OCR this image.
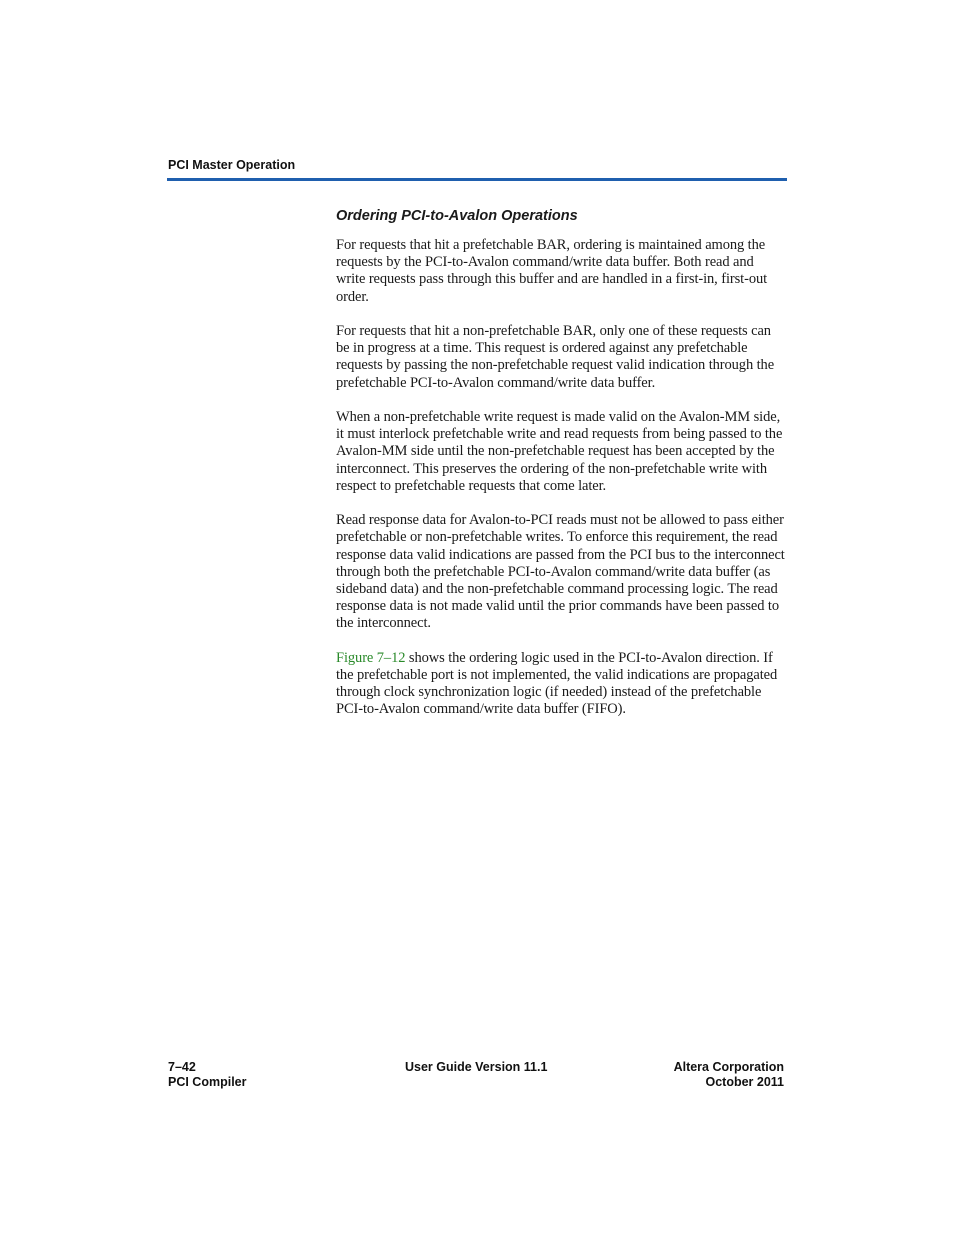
PCI Master Operation
Ordering PCI-to-Avalon Operations

For requests that hit a prefetchable BAR, ordering is maintained among the requests by the PCI-to-Avalon command/write data buffer. Both read and write requests pass through this buffer and are handled in a first-in, first-out order.

For requests that hit a non-prefetchable BAR, only one of these requests can be in progress at a time. This request is ordered against any prefetchable requests by passing the non-prefetchable request valid indication through the prefetchable PCI-to-Avalon command/write data buffer.

When a non-prefetchable write request is made valid on the Avalon-MM side, it must interlock prefetchable write and read requests from being passed to the Avalon-MM side until the non-prefetchable request has been accepted by the interconnect. This preserves the ordering of the non-prefetchable write with respect to prefetchable requests that come later.

Read response data for Avalon-to-PCI reads must not be allowed to pass either prefetchable or non-prefetchable writes. To enforce this requirement, the read response data valid indications are passed from the PCI bus to the interconnect through both the prefetchable PCI-to-Avalon command/write data buffer (as sideband data) and the non-prefetchable command processing logic. The read response data is not made valid until the prior commands have been passed to the interconnect.

Figure 7–12 shows the ordering logic used in the PCI-to-Avalon direction. If the prefetchable port is not implemented, the valid indications are propagated through clock synchronization logic (if needed) instead of the prefetchable PCI-to-Avalon command/write data buffer (FIFO).

7–42
PCI Compiler
User Guide Version 11.1	Altera Corporation
October 2011
